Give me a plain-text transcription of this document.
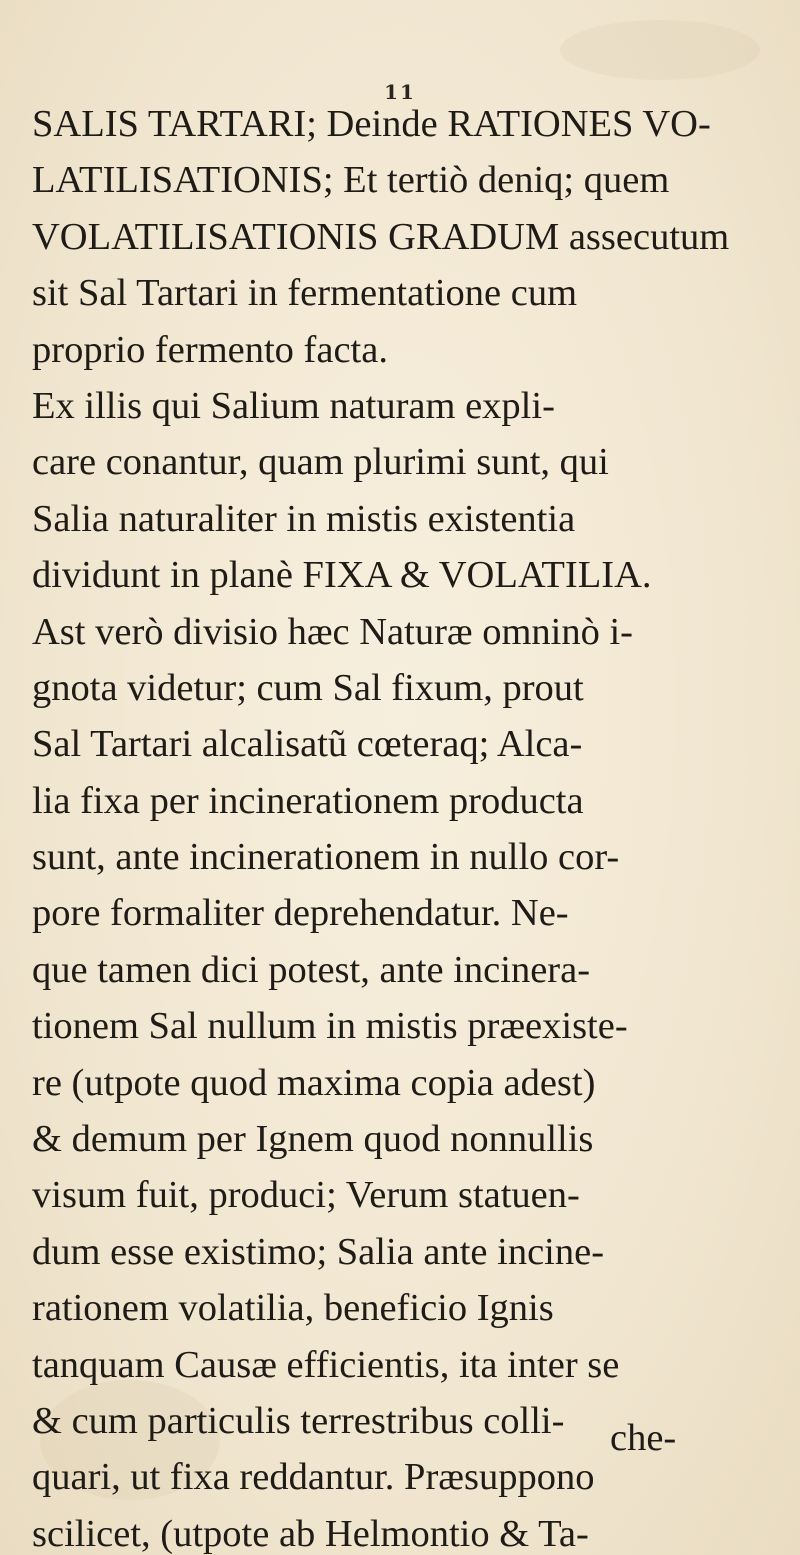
11
SALIS TARTARI; Deinde RATIONES VO-
LATILISATIONIS; Et tertiò deniq; quem
VOLATILISATIONIS GRADUM assecutum
sit Sal Tartari in fermentatione cum
proprio fermento facta.
Ex illis qui Salium naturam expli-
care conantur, quam plurimi sunt, qui
Salia naturaliter in mistis existentia
dividunt in planè FIXA & VOLATILIA.
Ast verò divisio hæc Naturæ omninò i-
gnota videtur; cum Sal fixum, prout
Sal Tartari alcalisatũ cœteraq; Alca-
lia fixa per incinerationem producta
sunt, ante incinerationem in nullo cor-
pore formaliter deprehendatur. Ne-
que tamen dici potest, ante incinera-
tionem Sal nullum in mistis præexiste-
re (utpote quod maxima copia adest)
& demum per Ignem quod nonnullis
visum fuit, produci; Verum statuen-
dum esse existimo; Salia ante incine-
rationem volatilia, beneficio Ignis
tanquam Causæ efficientis, ita inter se
& cum particulis terrestribus colli-
quari, ut fixa reddantur. Præsuppono
scilicet, (utpote ab Helmontio & Ta-
che-
